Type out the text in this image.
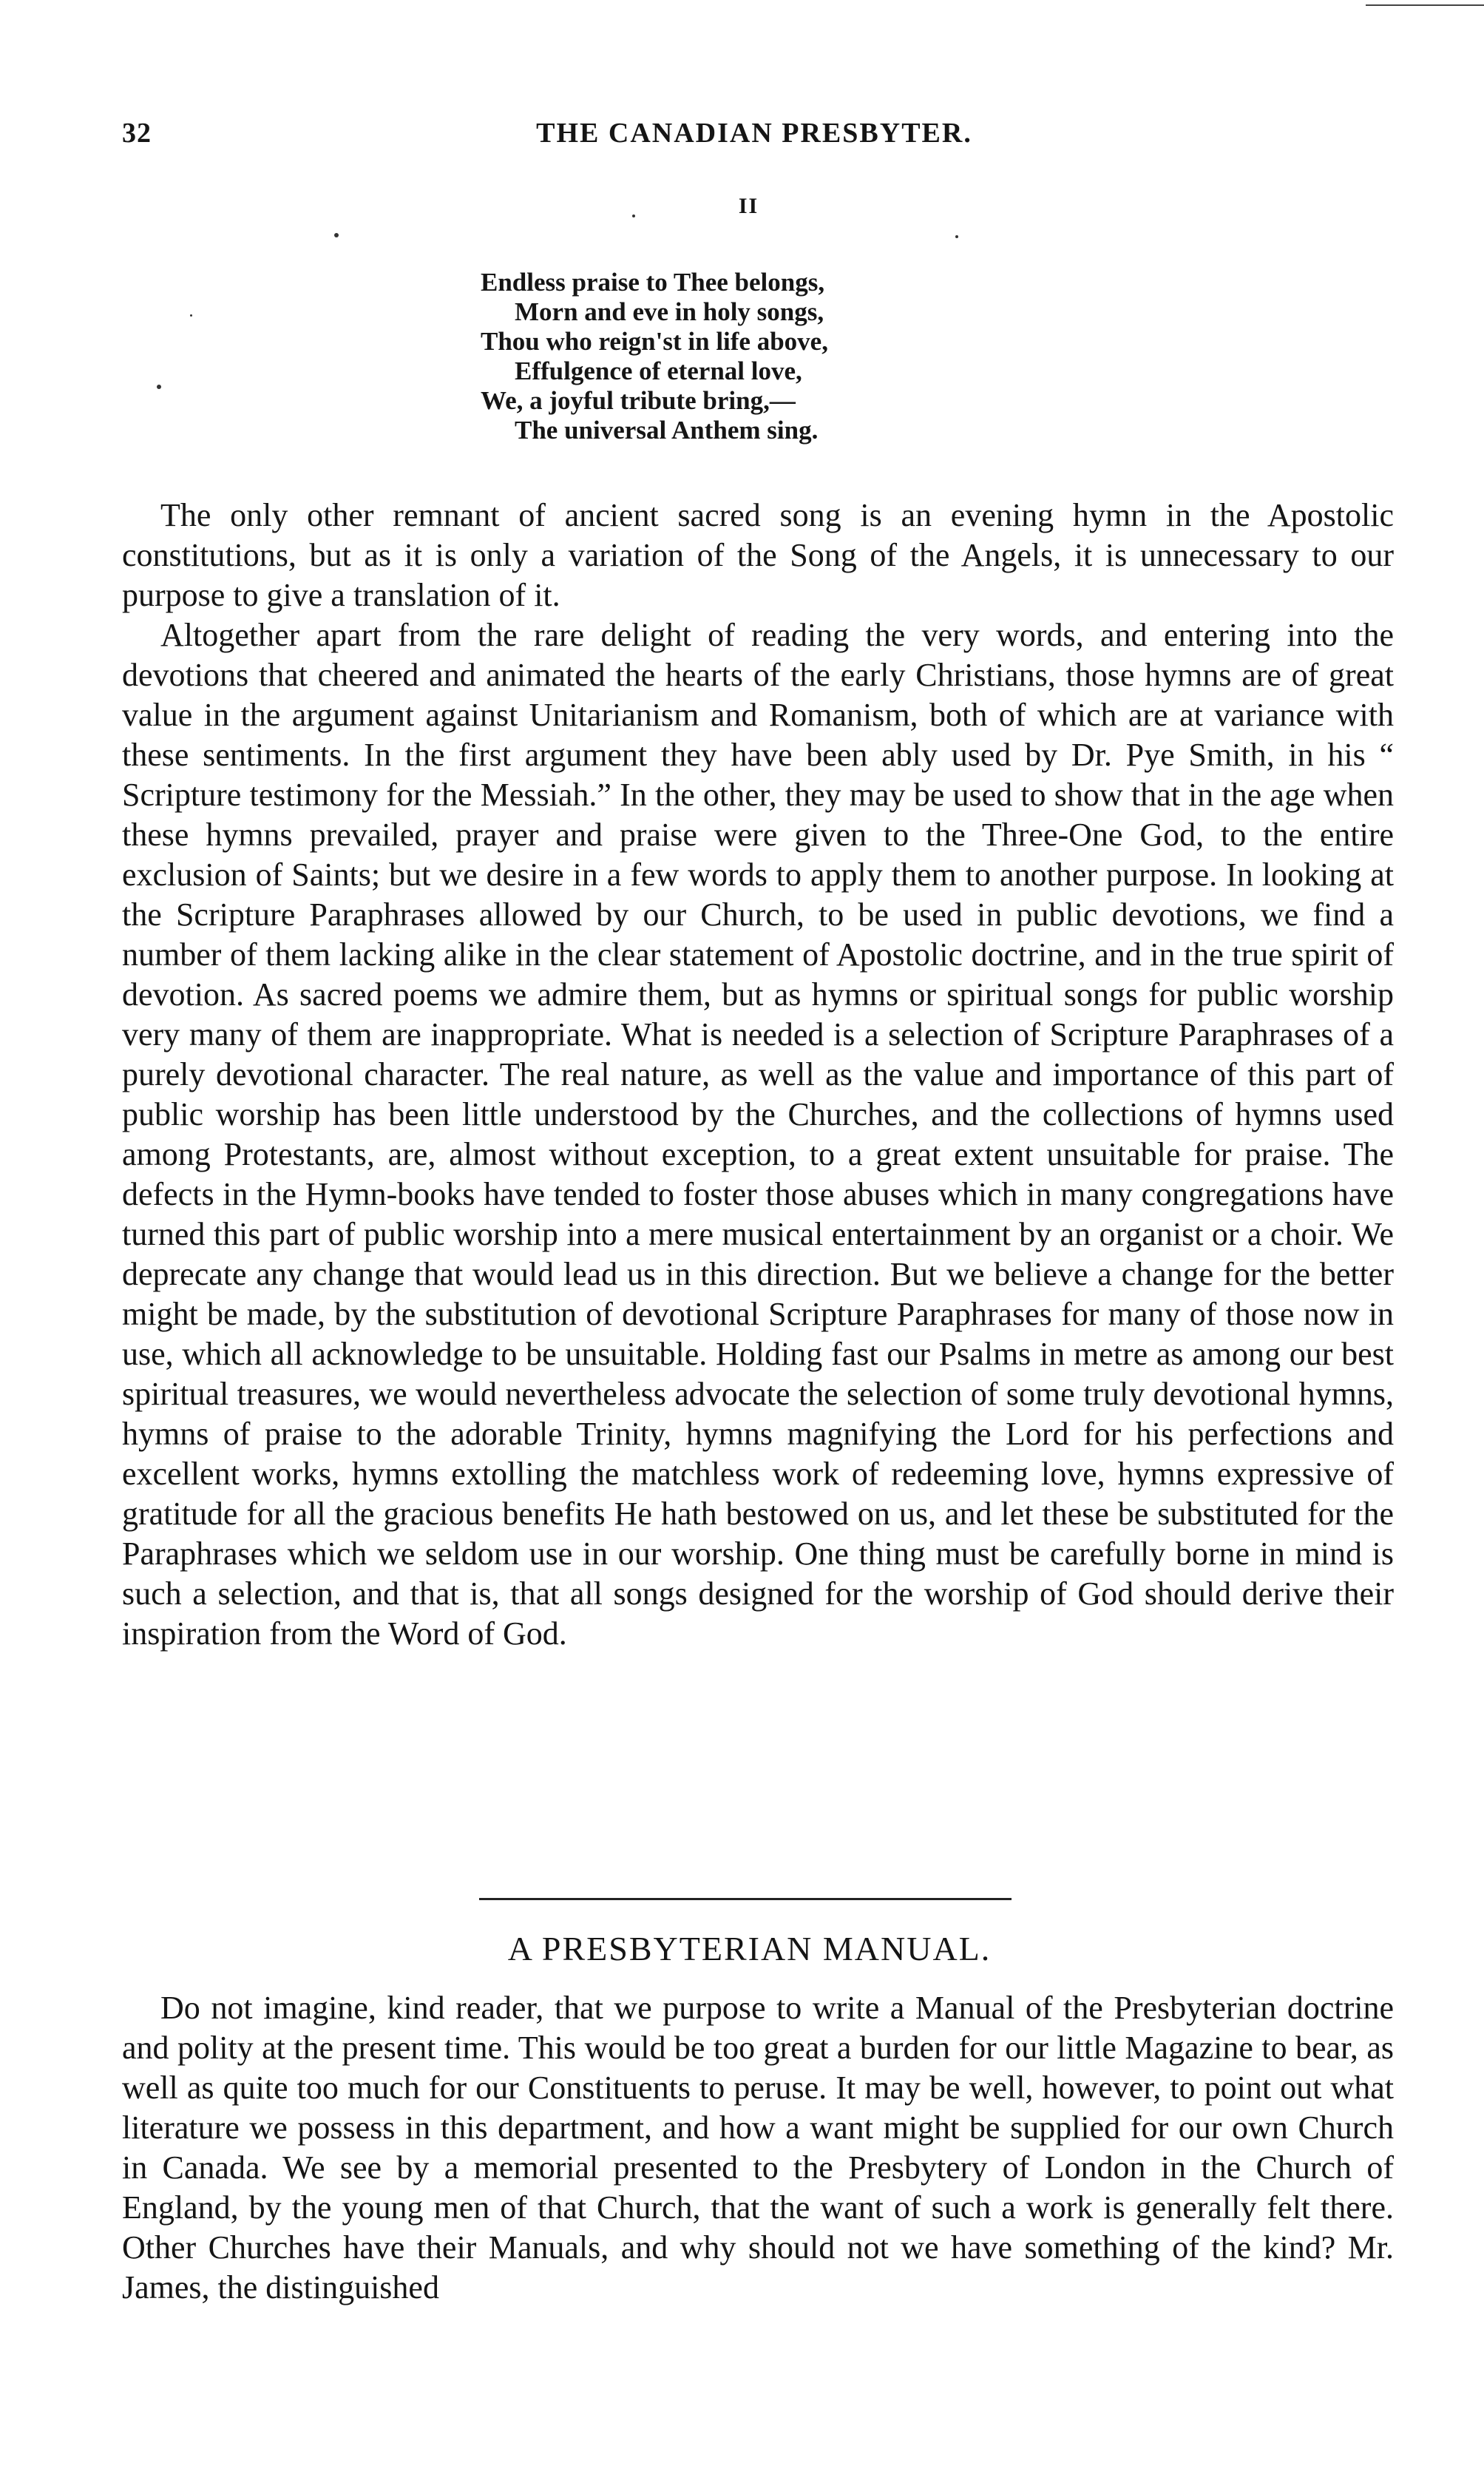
32	THE CANADIAN PRESBYTER.
II
Endless praise to Thee belongs,
Morn and eve in holy songs,
Thou who reign'st in life above,
Effulgence of eternal love,
We, a joyful tribute bring,—
The universal Anthem sing.

The only other remnant of ancient sacred song is an evening hymn in the Apostolic constitutions, but as it is only a variation of the Song of the Angels, it is unnecessary to our purpose to give a translation of it.

Altogether apart from the rare delight of reading the very words, and entering into the devotions that cheered and animated the hearts of the early Christians, those hymns are of great value in the argument against Unitarianism and Romanism, both of which are at variance with these sentiments. In the first argument they have been ably used by Dr. Pye Smith, in his “ Scripture testimony for the Messiah.” In the other, they may be used to show that in the age when these hymns prevailed, prayer and praise were given to the Three-One God, to the entire exclusion of Saints; but we desire in a few words to apply them to another purpose. In looking at the Scripture Paraphrases allowed by our Church, to be used in public devotions, we find a number of them lacking alike in the clear statement of Apostolic doctrine, and in the true spirit of devotion. As sacred poems we admire them, but as hymns or spiritual songs for public worship very many of them are inappropriate. What is needed is a selection of Scripture Paraphrases of a purely devotional character. The real nature, as well as the value and importance of this part of public worship has been little understood by the Churches, and the collections of hymns used among Protestants, are, almost without exception, to a great extent unsuitable for praise. The defects in the Hymn-books have tended to foster those abuses which in many congregations have turned this part of public worship into a mere musical entertainment by an organist or a choir. We deprecate any change that would lead us in this direction. But we believe a change for the better might be made, by the substitution of devotional Scripture Paraphrases for many of those now in use, which all acknowledge to be unsuitable. Holding fast our Psalms in metre as among our best spiritual treasures, we would nevertheless advocate the selection of some truly devotional hymns, hymns of praise to the adorable Trinity, hymns magnifying the Lord for his perfections and excellent works, hymns extolling the matchless work of redeeming love, hymns expressive of gratitude for all the gracious benefits He hath bestowed on us, and let these be substituted for the Paraphrases which we seldom use in our worship. One thing must be carefully borne in mind is such a selection, and that is, that all songs designed for the worship of God should derive their inspiration from the Word of God.

A PRESBYTERIAN MANUAL.

Do not imagine, kind reader, that we purpose to write a Manual of the Presbyterian doctrine and polity at the present time. This would be too great a burden for our little Magazine to bear, as well as quite too much for our Constituents to peruse. It may be well, however, to point out what literature we possess in this department, and how a want might be supplied for our own Church in Canada. We see by a memorial presented to the Presbytery of London in the Church of England, by the young men of that Church, that the want of such a work is generally felt there. Other Churches have their Manuals, and why should not we have something of the kind? Mr. James, the distinguished
